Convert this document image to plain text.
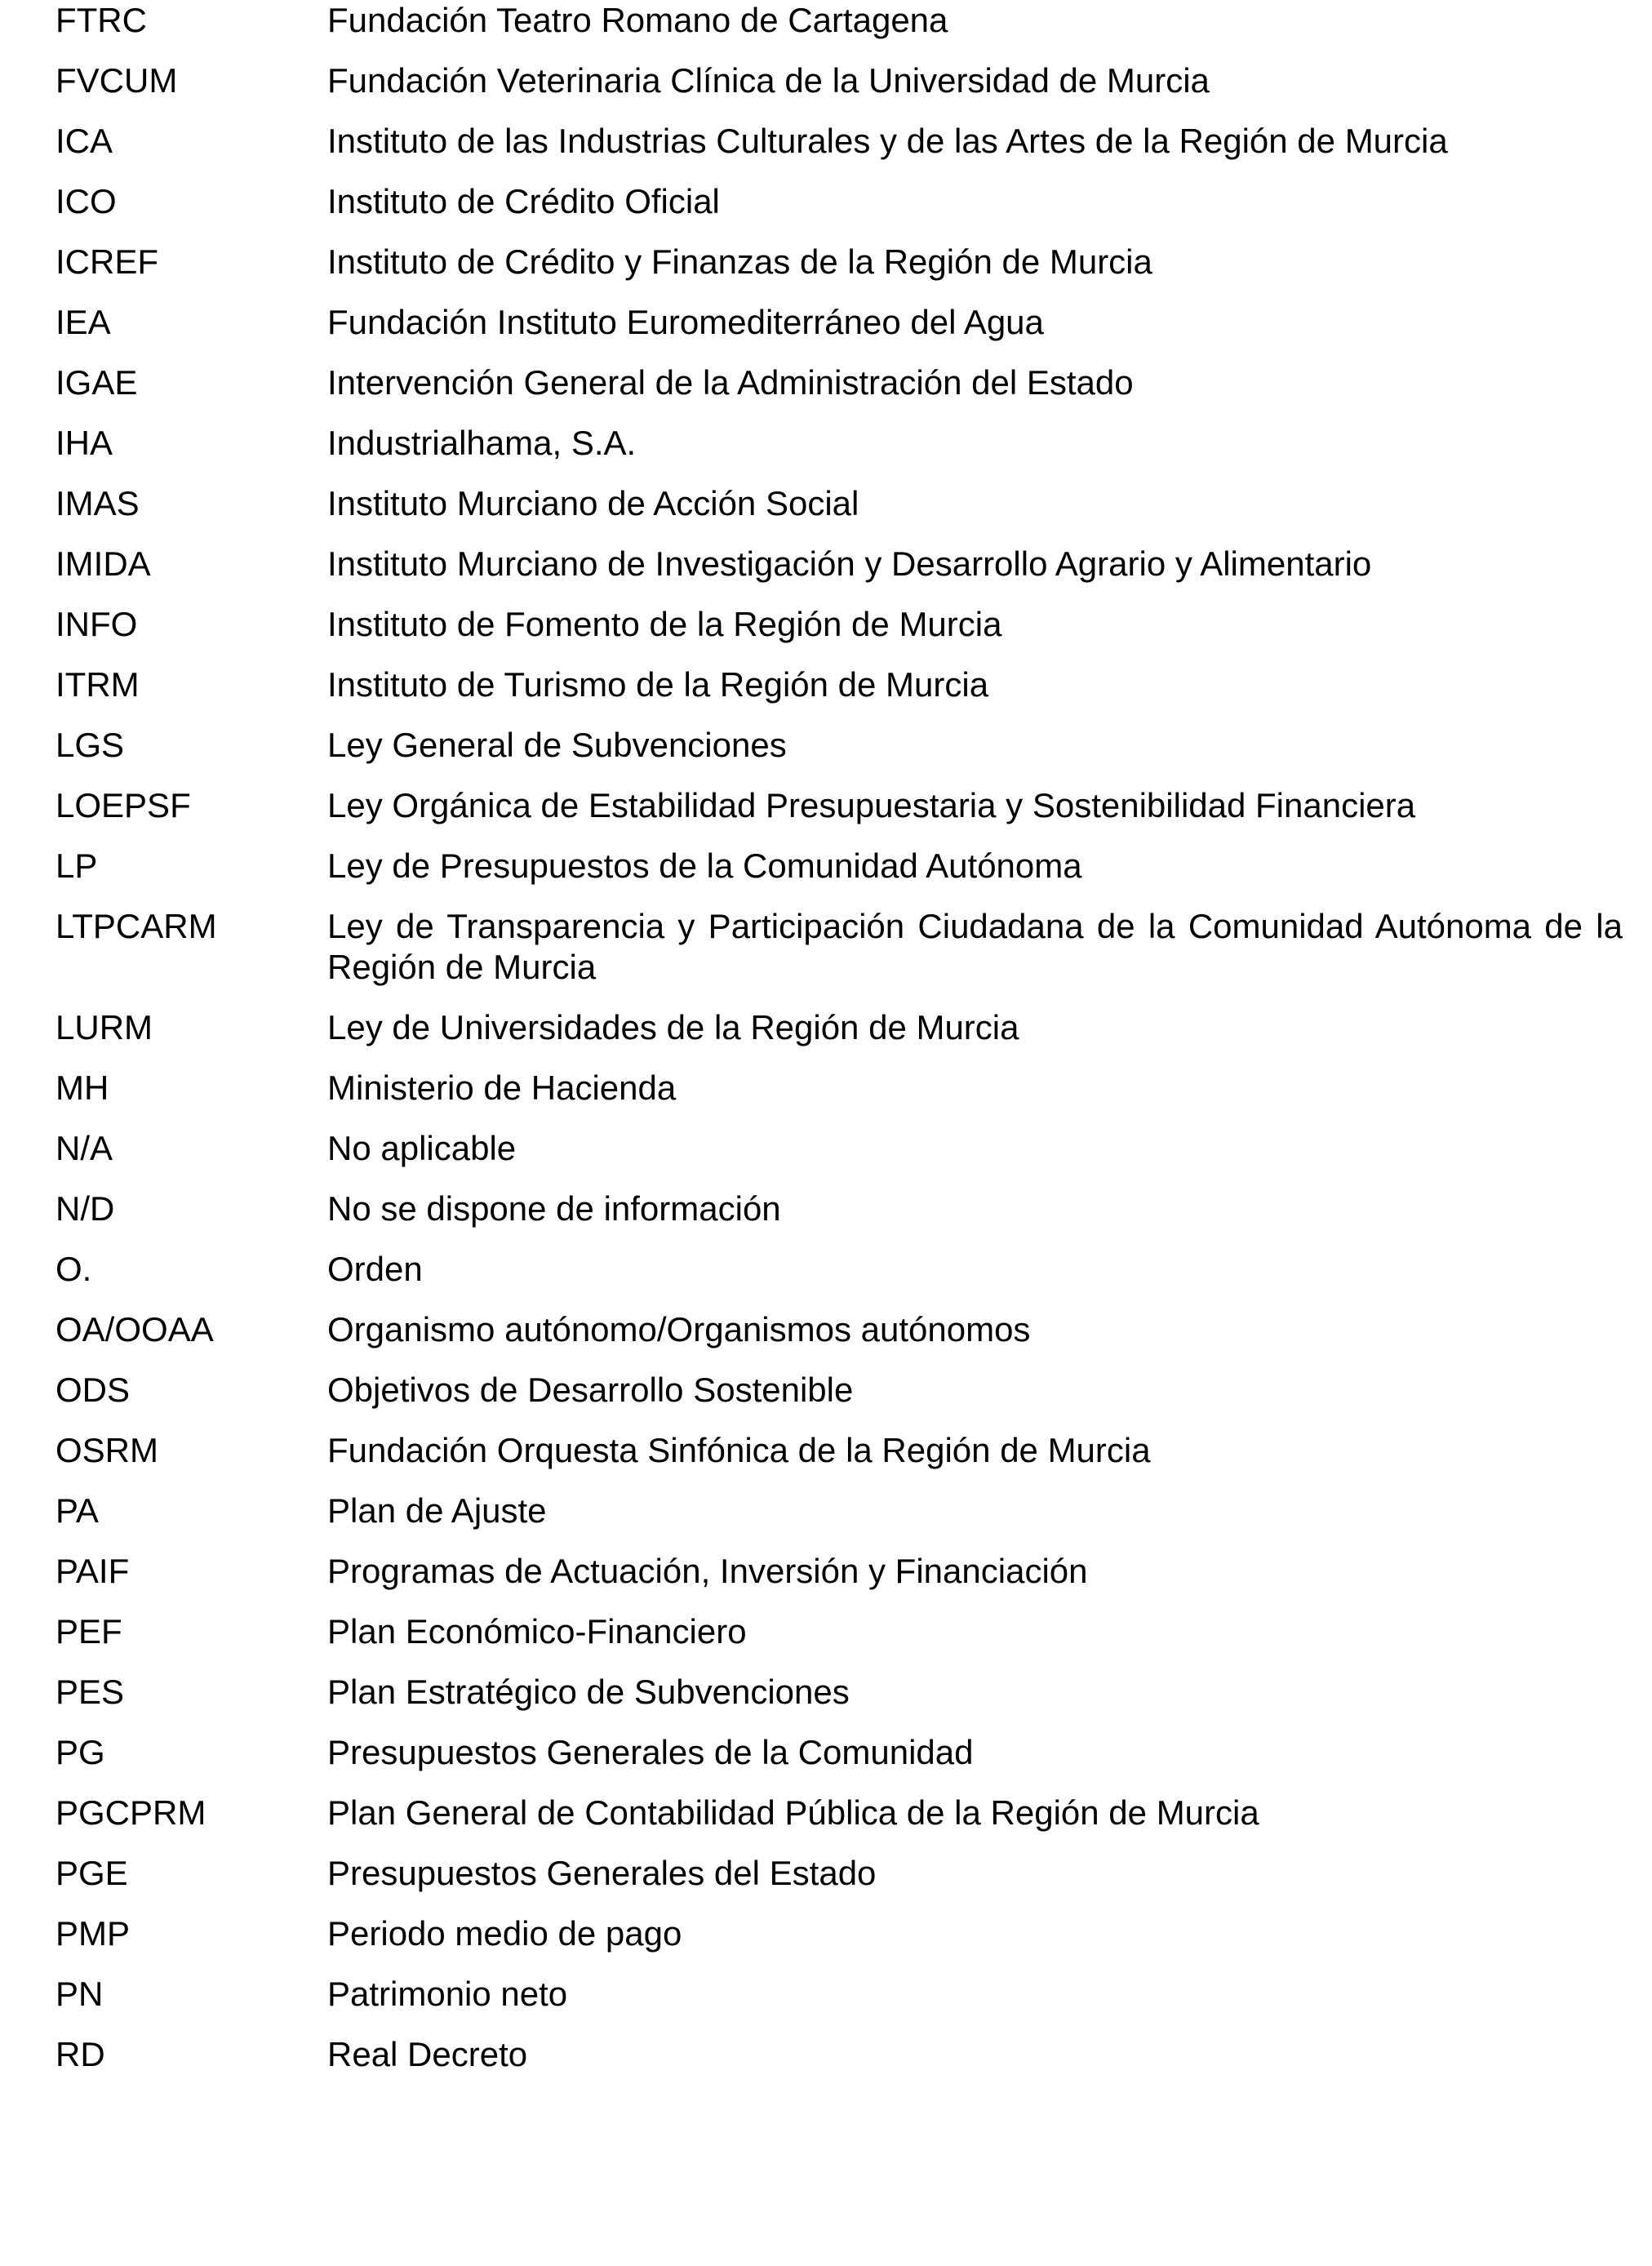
FTRC	Fundación Teatro Romano de Cartagena
FVCUM	Fundación Veterinaria Clínica de la Universidad de Murcia
ICA	Instituto de las Industrias Culturales y de las Artes de la Región de Murcia
ICO	Instituto de Crédito Oficial
ICREF	Instituto de Crédito y Finanzas de la Región de Murcia
IEA	Fundación Instituto Euromediterráneo del Agua
IGAE	Intervención General de la Administración del Estado
IHA	Industrialhama, S.A.
IMAS	Instituto Murciano de Acción Social
IMIDA	Instituto Murciano de Investigación y Desarrollo Agrario y Alimentario
INFO	Instituto de Fomento de la Región de Murcia
ITRM	Instituto de Turismo de la Región de Murcia
LGS	Ley General de Subvenciones
LOEPSF	Ley Orgánica de Estabilidad Presupuestaria y Sostenibilidad Financiera
LP	Ley de Presupuestos de la Comunidad Autónoma
LTPCARM	Ley de Transparencia y Participación Ciudadana de la Comunidad Autónoma de la Región de Murcia
LURM	Ley de Universidades de la Región de Murcia
MH	Ministerio de Hacienda
N/A	No aplicable
N/D	No se dispone de información
O.	Orden
OA/OOAA	Organismo autónomo/Organismos autónomos
ODS	Objetivos de Desarrollo Sostenible
OSRM	Fundación Orquesta Sinfónica de la Región de Murcia
PA	Plan de Ajuste
PAIF	Programas de Actuación, Inversión y Financiación
PEF	Plan Económico-Financiero
PES	Plan Estratégico de Subvenciones
PG	Presupuestos Generales de la Comunidad
PGCPRM	Plan General de Contabilidad Pública de la Región de Murcia
PGE	Presupuestos Generales del Estado
PMP	Periodo medio de pago
PN	Patrimonio neto
RD	Real Decreto
